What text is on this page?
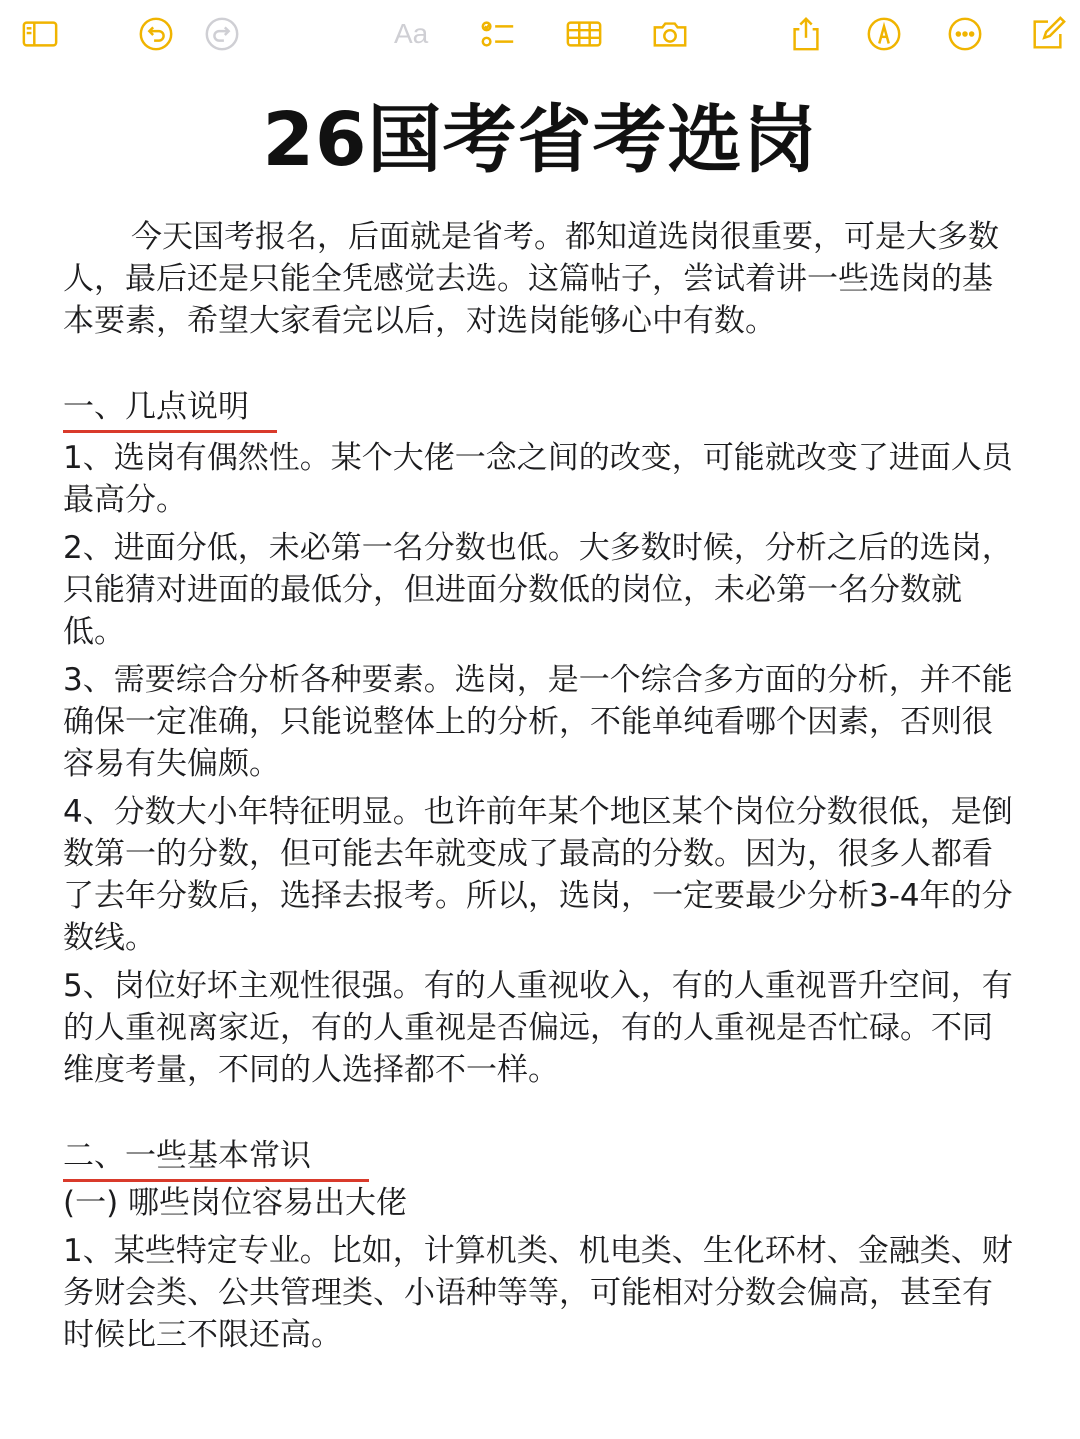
Aa
26国考省考选岗

今天国考报名，后面就是省考。都知道选岗很重要，可是大多数人，最后还是只能全凭感觉去选。这篇帖子，尝试着讲一些选岗的基本要素，希望大家看完以后，对选岗能够心中有数。

一、几点说明

1、选岗有偶然性。某个大佬一念之间的改变，可能就改变了进面人员最高分。

2、进面分低，未必第一名分数也低。大多数时候，分析之后的选岗，只能猜对进面的最低分，但进面分数低的岗位，未必第一名分数就低。

3、需要综合分析各种要素。选岗，是一个综合多方面的分析，并不能确保一定准确，只能说整体上的分析，不能单纯看哪个因素，否则很容易有失偏颇。

4、分数大小年特征明显。也许前年某个地区某个岗位分数很低，是倒数第一的分数，但可能去年就变成了最高的分数。因为，很多人都看了去年分数后，选择去报考。所以，选岗，一定要最少分析3-4年的分数线。

5、岗位好坏主观性很强。有的人重视收入，有的人重视晋升空间，有的人重视离家近，有的人重视是否偏远，有的人重视是否忙碌。不同维度考量，不同的人选择都不一样。

二、一些基本常识

(一) 哪些岗位容易出大佬

1、某些特定专业。比如，计算机类、机电类、生化环材、金融类、财务财会类、公共管理类、小语种等等，可能相对分数会偏高，甚至有时候比三不限还高。
